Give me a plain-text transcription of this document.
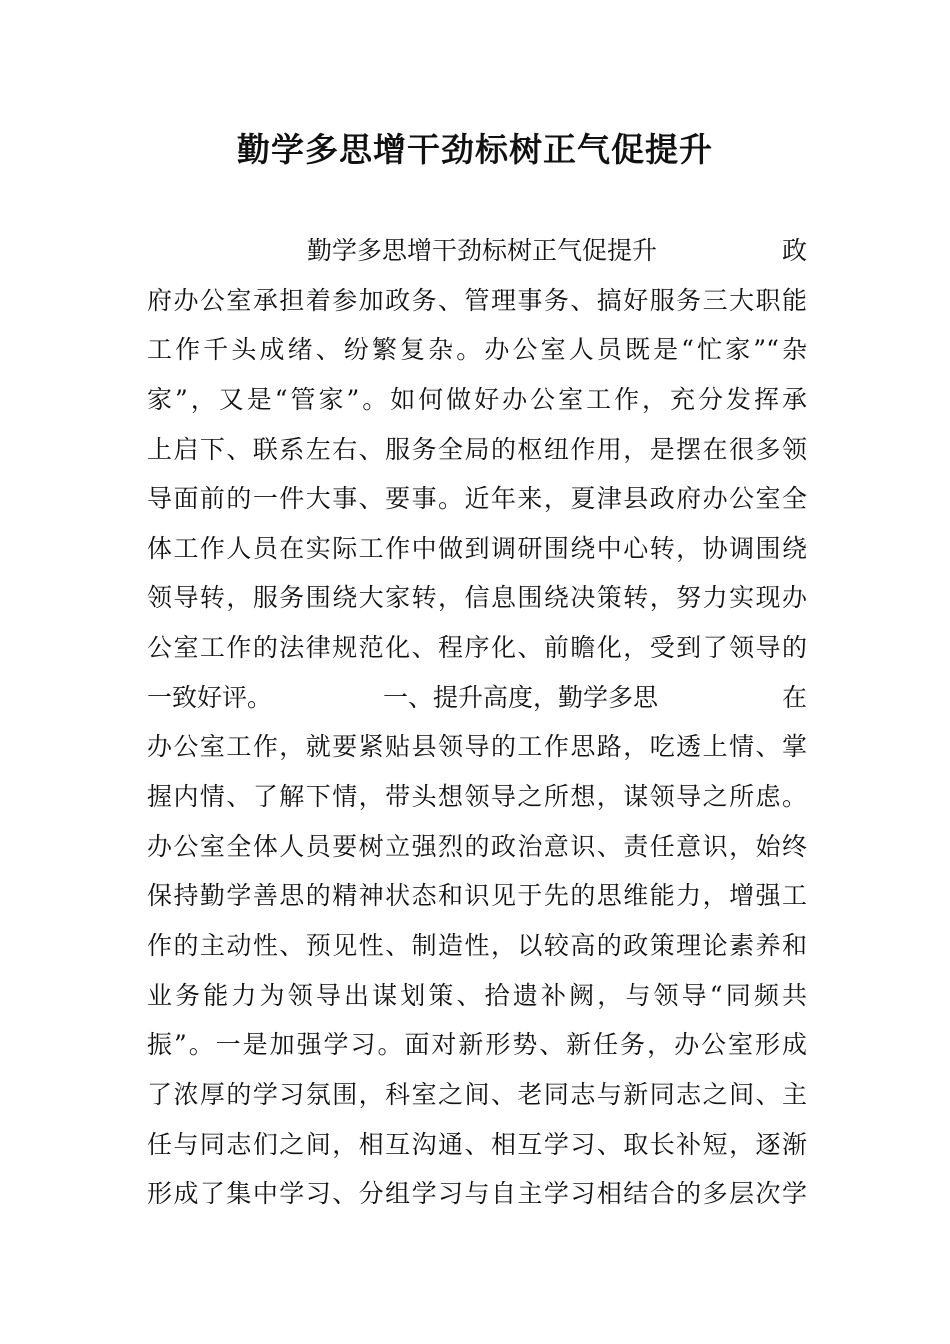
勤学多思增干劲标树正气促提升
勤学多思增干劲标树正气促提升	政
府办公室承担着参加政务、管理事务、搞好服务三大职能
工作千头成绪、纷繁复杂。办公室人员既是“忙家”“杂
家”，又是“管家”。如何做好办公室工作，充分发挥承
上启下、联系左右、服务全局的枢纽作用，是摆在很多领
导面前的一件大事、要事。近年来，夏津县政府办公室全
体工作人员在实际工作中做到调研围绕中心转，协调围绕
领导转，服务围绕大家转，信息围绕决策转，努力实现办
公室工作的法律规范化、程序化、前瞻化，受到了领导的
一致好评。	一、提升高度，勤学多思	在
办公室工作，就要紧贴县领导的工作思路，吃透上情、掌
握内情、了解下情，带头想领导之所想，谋领导之所虑。
办公室全体人员要树立强烈的政治意识、责任意识，始终
保持勤学善思的精神状态和识见于先的思维能力，增强工
作的主动性、预见性、制造性，以较高的政策理论素养和
业务能力为领导出谋划策、拾遗补阙，与领导“同频共
振”。一是加强学习。面对新形势、新任务，办公室形成
了浓厚的学习氛围，科室之间、老同志与新同志之间、主
任与同志们之间，相互沟通、相互学习、取长补短，逐渐
形成了集中学习、分组学习与自主学习相结合的多层次学
